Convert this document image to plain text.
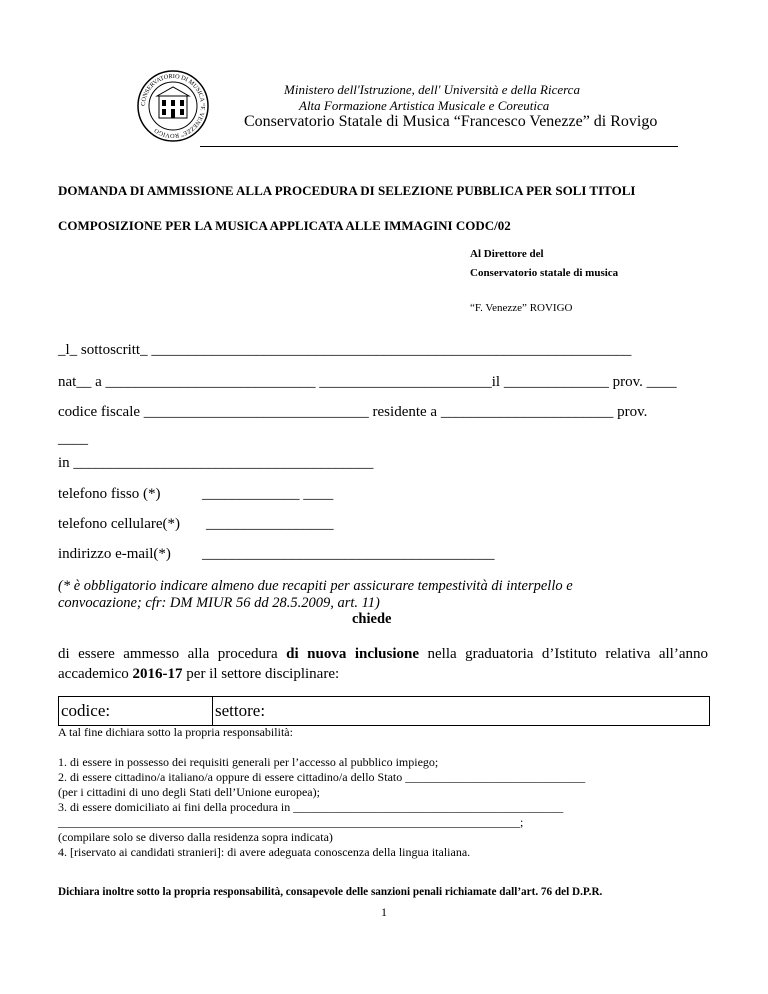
CONSERVATORIO DI MUSICA “F. VENEZZE” ROVIGO
Ministero dell'Istruzione, dell' Università e della Ricerca
Alta Formazione Artistica Musicale e Coreutica
Conservatorio Statale di Musica “Francesco Venezze” di Rovigo
DOMANDA DI AMMISSIONE ALLA PROCEDURA DI SELEZIONE PUBBLICA PER SOLI TITOLI
COMPOSIZIONE PER LA MUSICA APPLICATA ALLE IMMAGINI CODC/02
Al Direttore del
Conservatorio statale di musica
“F. Venezze” ROVIGO
_l_ sottoscritt_ ________________________________________________________________
nat__ a ____________________________ _______________________il ______________ prov. ____
codice fiscale ______________________________ residente a _______________________ prov.
____
in ________________________________________
telefono fisso (*)	_____________ ____
telefono cellulare(*) _________________
indirizzo e-mail(*) _______________________________________
(* è obbligatorio indicare almeno due recapiti per assicurare tempestività di interpello e
convocazione; cfr: DM MIUR 56 dd 28.5.2009, art. 11)
chiede
di essere ammesso alla procedura di nuova inclusione nella graduatoria d’Istituto relativa all’anno accademico 2016-17 per il settore disciplinare:
codice:	settore:
A tal fine dichiara sotto la propria responsabilità:
1. di essere in possesso dei requisiti generali per l’accesso al pubblico impiego;
2. di essere cittadino/a italiano/a oppure di essere cittadino/a dello Stato ______________________________
(per i cittadini di uno degli Stati dell’Unione europea);
3. di essere domiciliato ai fini della procedura in _____________________________________________
_____________________________________________________________________________;
(compilare solo se diverso dalla residenza sopra indicata)
4. [riservato ai candidati stranieri]: di avere adeguata conoscenza della lingua italiana.
Dichiara inoltre sotto la propria responsabilità, consapevole delle sanzioni penali richiamate dall’art. 76 del D.P.R.
1
